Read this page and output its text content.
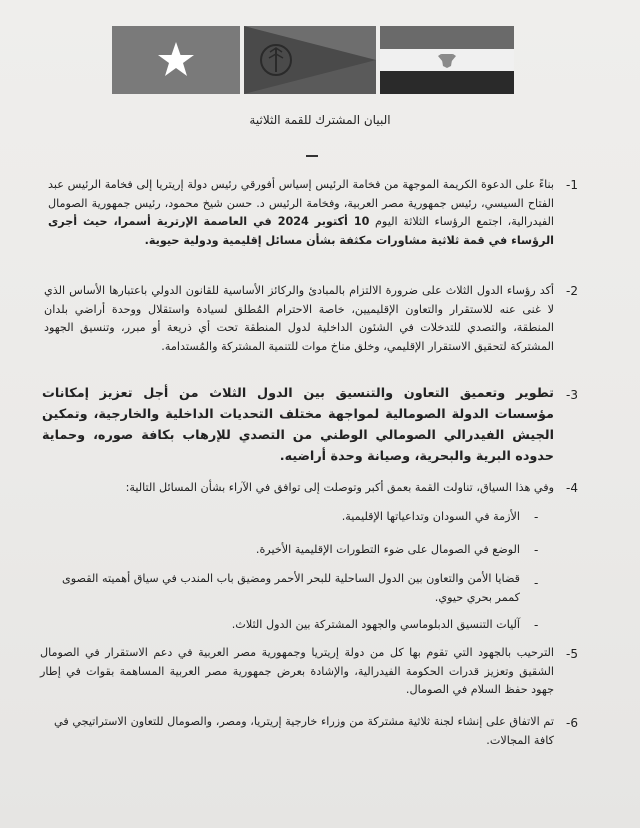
البيان المشترك للقمة الثلاثية
-1
بناءً على الدعوة الكريمة الموجهة من فخامة الرئيس إسياس أفورقي رئيس دولة إريتريا إلى فخامة الرئيس عبد الفتاح السيسي، رئيس جمهورية مصر العربية، وفخامة الرئيس د. حسن شيخ محمود، رئيس جمهورية الصومال الفيدرالية، اجتمع الرؤساء الثلاثة اليوم 10 أكتوبر 2024 في العاصمة الإرترية أسمرا، حيث أجرى الرؤساء في قمة ثلاثية مشاورات مكثفة بشأن مسائل إقليمية ودولية حيوية.
-2
أكد رؤساء الدول الثلاث على ضرورة الالتزام بالمبادئ والركائز الأساسية للقانون الدولي باعتبارها الأساس الذي لا غنى عنه للاستقرار والتعاون الإقليميين، خاصة الاحترام المُطلق لسيادة واستقلال ووحدة أراضي بلدان المنطقة، والتصدي للتدخلات في الشئون الداخلية لدول المنطقة تحت أي ذريعة أو مبرر، وتنسيق الجهود المشتركة لتحقيق الاستقرار الإقليمي، وخلق مناخ موات للتنمية المشتركة والمُستدامة.
-3
تطوير وتعميق التعاون والتنسيق بين الدول الثلاث من أجل تعزيز إمكانات مؤسسات الدولة الصومالية لمواجهة مختلف التحديات الداخلية والخارجية، وتمكين الجيش الفيدرالي الصومالي الوطني من التصدي للإرهاب بكافة صوره، وحماية حدوده البرية والبحرية، وصيانة وحدة أراضيه.
-4
وفي هذا السياق، تناولت القمة بعمق أكبر وتوصلت إلى توافق في الآراء بشأن المسائل التالية:
-
الأزمة في السودان وتداعياتها الإقليمية.
-
الوضع في الصومال على ضوء التطورات الإقليمية الأخيرة.
-
قضايا الأمن والتعاون بين الدول الساحلية للبحر الأحمر ومضيق باب المندب في سياق أهميته القصوى كممر بحري حيوي.
-
آليات التنسيق الدبلوماسي والجهود المشتركة بين الدول الثلاث.
-5
الترحيب بالجهود التي تقوم بها كل من دولة إريتريا وجمهورية مصر العربية في دعم الاستقرار في الصومال الشقيق وتعزيز قدرات الحكومة الفيدرالية، والإشادة بعرض جمهورية مصر العربية المساهمة بقوات في إطار جهود حفظ السلام في الصومال.
-6
تم الاتفاق على إنشاء لجنة ثلاثية مشتركة من وزراء خارجية إريتريا، ومصر، والصومال للتعاون الاستراتيجي في كافة المجالات.
